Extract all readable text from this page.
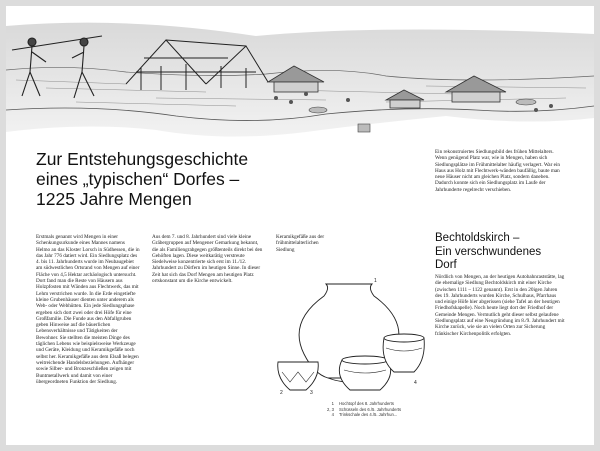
Zur Entstehungsgeschichte
eines „typischen“ Dorfes –
1225 Jahre Mengen

Erstmals genannt wird Mengen in einer Schenkungsurkunde eines Mannes namens Helmo an das Kloster Lorsch in Südhessen, die in das Jahr 776 datiert wird. Ein Siedlungsplatz des 4. bis 11. Jahrhunderts wurde im Neubaugebiet am südwestlichen Ortsrand von Mengen auf einer Fläche von 4,5 Hektar archäologisch untersucht. Dort fand man die Reste von Häusern aus Holzpfosten mit Wänden aus Flechtwerk, das mit Lehm verstrichen wurde. In die Erde eingetiefte kleine Grubenhäuser dienten unter anderem als Web- oder Webhütten. Ein jede Siedlungsphase ergeben sich dort zwei oder drei Höfe für eine Großfamilie. Die Funde aus den Abfallgruben geben Hinweise auf die bäuerlichen Lebensverhältnisse und Tätigkeiten der Bewohner. Sie stellten die meisten Dinge des täglichen Lebens wie beispielsweise Werkzeuge und Geräte, Kleidung und Keramikgefäße noch selbst her. Keramikgefäße aus dem Elsaß belegen weitreichende Handelsbeziehungen. Aufhänger sowie Silber- und Bronzeschließen zeigen mit Buntmetallwerk und damit von einer übergeordneten Funktion der Siedlung.

Aus dem 7. und 8. Jahrhundert sind viele kleine Gräbergruppen auf Mengener Gemarkung bekannt, die als Familiengrabgegen größtenteils direkt bei den Gehöften lagen. Diese weitkarätig verstreute Siedelweise konzentrierte sich erst im 11./12. Jahrhundert zu Dörfern im heutigen Sinne. In dieser Zeit hat sich das Dorf Mengen am heutigen Platz ortskonstant um die Kirche entwickelt.

Keramikgefäße aus der frühmittelalterlichen Siedlung

Ein rekonstruiertes Siedlungsbild des frühen Mittelalters. Wenn genügend Platz war, wie in Mengen, haben sich Siedlungsplätze im Frühmittelalter häufig verlagert. War ein Haus aus Holz mit Flechtwerk-wänden baufällig, baute man neue Häuser nicht am gleichen Platz, sondern daneben. Dadurch konnte sich ein Siedlungsplatz im Laufe der Jahrhunderte regelrecht verschieben.

Bechtoldskirch –
Ein verschwundenes
Dorf

Nördlich von Mengen, an der heutigen Autobahnraststätte, lag die ehemalige Siedlung Bechtoldskirch mit einer Kirche (zwischen 1111 – 1122 genannt). Erst in den 20igen Jahren des 19. Jahrhunderts wurden Kirche, Schulhaus, Pfarrhaus und einige Höfe hier abgerissen (siehe Tafel an der heutigen Friedhofskapelle). Noch heute liegt dort der Friedhof der Gemeinde Mengen. Vermutlich geht dieser selbst gelaufene Siedlungsplatz auf eine Neugründung im 8./9. Jahrhundert mit Kirche zurück, wie sie an vielen Orten zur Sicherung fränkischer Kirchenpolitik erfolgten.

2	3
4
1
1 Hochtopf des 8. Jahrhunderts
2, 3 Schüsseln des 6./5. Jahrhunderts
4 Trinkschale des 4./5. Jahrhun...
